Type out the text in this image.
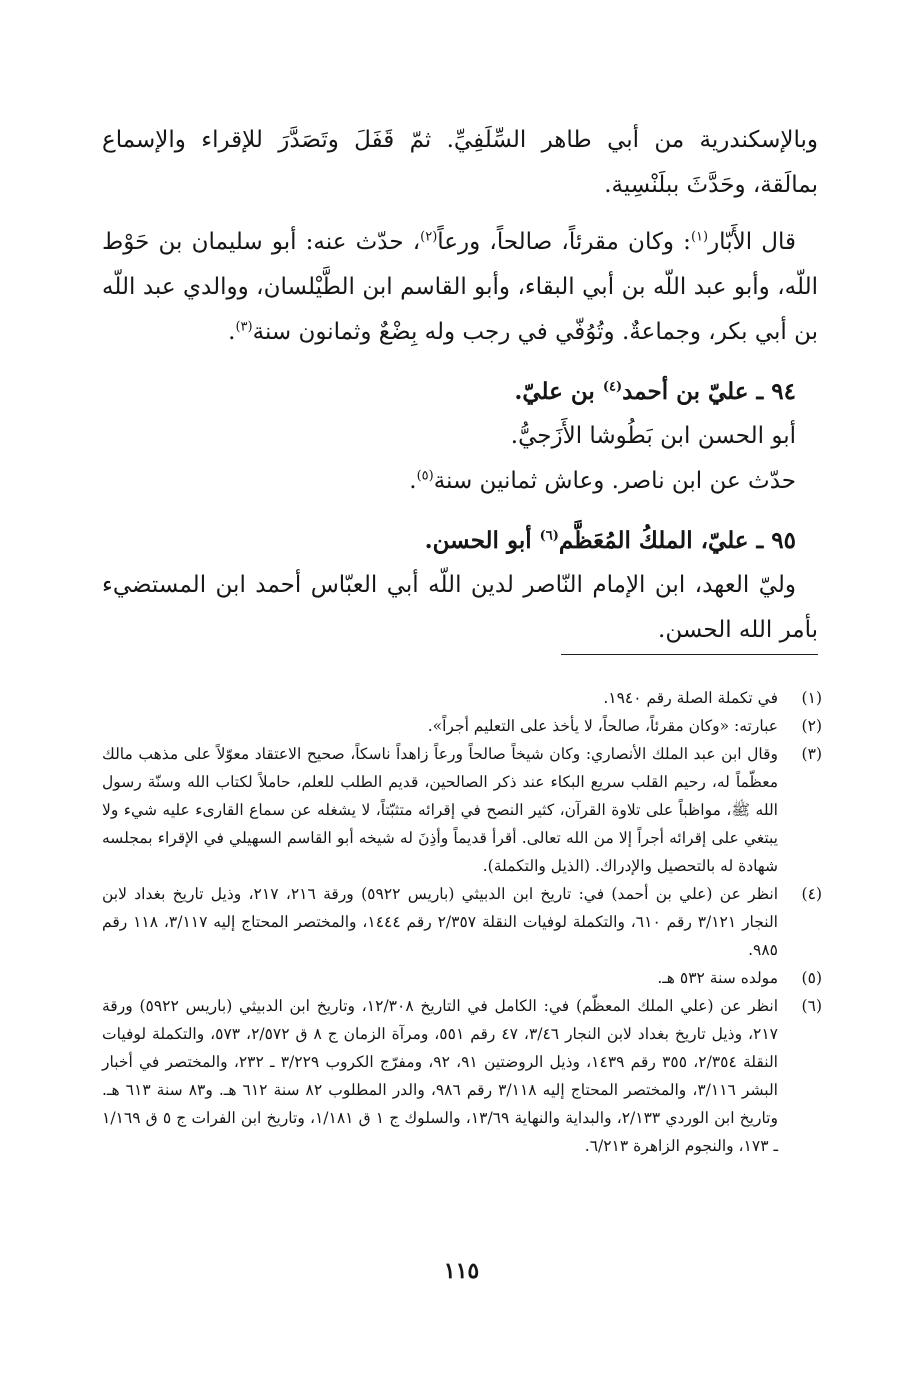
وبالإسكندرية من أبي طاهر السِّلَفِيِّ. ثمّ قَفَلَ وتَصَدَّرَ للإقراء والإسماع بمالَقة، وحَدَّثَ ببلَنْسِية.

قال الأَبّار$^{(١)}$: وكان مقرئاً، صالحاً، ورعاً$^{(٢)}$، حدّث عنه: أبو سليمان بن حَوْط اللّه، وأبو عبد اللّه بن أبي البقاء، وأبو القاسم ابن الطَّيْلسان، ووالدي عبد اللّه بن أبي بكر، وجماعةٌ. وتُوُفّي في رجب وله بِضْعٌ وثمانون سنة$^{(٣)}$.

٩٤ ـ عليّ بن أحمد$^{(٤)}$ بن عليّ.

أبو الحسن ابن بَطُوشا الأَزَجيُّ.

حدّث عن ابن ناصر. وعاش ثمانين سنة$^{(٥)}$.

٩٥ ـ عليّ، الملكُ المُعَظَّم$^{(٦)}$ أبو الحسن.

وليّ العهد، ابن الإمام النّاصر لدين اللّه أبي العبّاس أحمد ابن المستضيء بأمر الله الحسن.

(١)
في تكملة الصلة رقم ١٩٤٠.
(٢)
عبارته: «وكان مقرئاً، صالحاً، لا يأخذ على التعليم أجراً».
(٣)
وقال ابن عبد الملك الأنصاري: وكان شيخاً صالحاً ورعاً زاهداً ناسكاً، صحيح الاعتقاد معوّلاً على مذهب مالك معظّماً له، رحيم القلب سريع البكاء عند ذكر الصالحين، قديم الطلب للعلم، حاملاً لكتاب الله وسنّة رسول الله ﷺ، مواظباً على تلاوة القرآن، كثير النصح في إقرائه متثبّتاً، لا يشغله عن سماع القارىء عليه شيء ولا يبتغي على إقرائه أجراً إلا من الله تعالى. أقرأ قديماً وأذِنَ له شيخه أبو القاسم السهيلي في الإقراء بمجلسه شهادة له بالتحصيل والإدراك. (الذيل والتكملة).
(٤)
انظر عن (علي بن أحمد) في: تاريخ ابن الدبيثي (باريس ٥٩٢٢) ورقة ٢١٦، ٢١٧، وذيل تاريخ بغداد لابن النجار ٣/١٢١ رقم ٦١٠، والتكملة لوفيات النقلة ٢/٣٥٧ رقم ١٤٤٤، والمختصر المحتاج إليه ٣/١١٧، ١١٨ رقم ٩٨٥.
(٥)
مولده سنة ٥٣٢ هـ.
(٦)
انظر عن (علي الملك المعظّم) في: الكامل في التاريخ ١٢/٣٠٨، وتاريخ ابن الدبيثي (باريس ٥٩٢٢) ورقة ٢١٧، وذيل تاريخ بغداد لابن النجار ٣/٤٦، ٤٧ رقم ٥٥١، ومرآة الزمان ج ٨ ق ٢/٥٧٢، ٥٧٣، والتكملة لوفيات النقلة ٢/٣٥٤، ٣٥٥ رقم ١٤٣٩، وذيل الروضتين ٩١، ٩٢، ومفرّج الكروب ٣/٢٢٩ ـ ٢٣٢، والمختصر في أخبار البشر ٣/١١٦، والمختصر المحتاج إليه ٣/١١٨ رقم ٩٨٦، والدر المطلوب ٨٢ سنة ٦١٢ هـ. و٨٣ سنة ٦١٣ هـ. وتاريخ ابن الوردي ٢/١٣٣، والبداية والنهاية ١٣/٦٩، والسلوك ج ١ ق ١/١٨١، وتاريخ ابن الفرات ج ٥ ق ١/١٦٩ ـ ١٧٣، والنجوم الزاهرة ٦/٢١٣.
١١٥
